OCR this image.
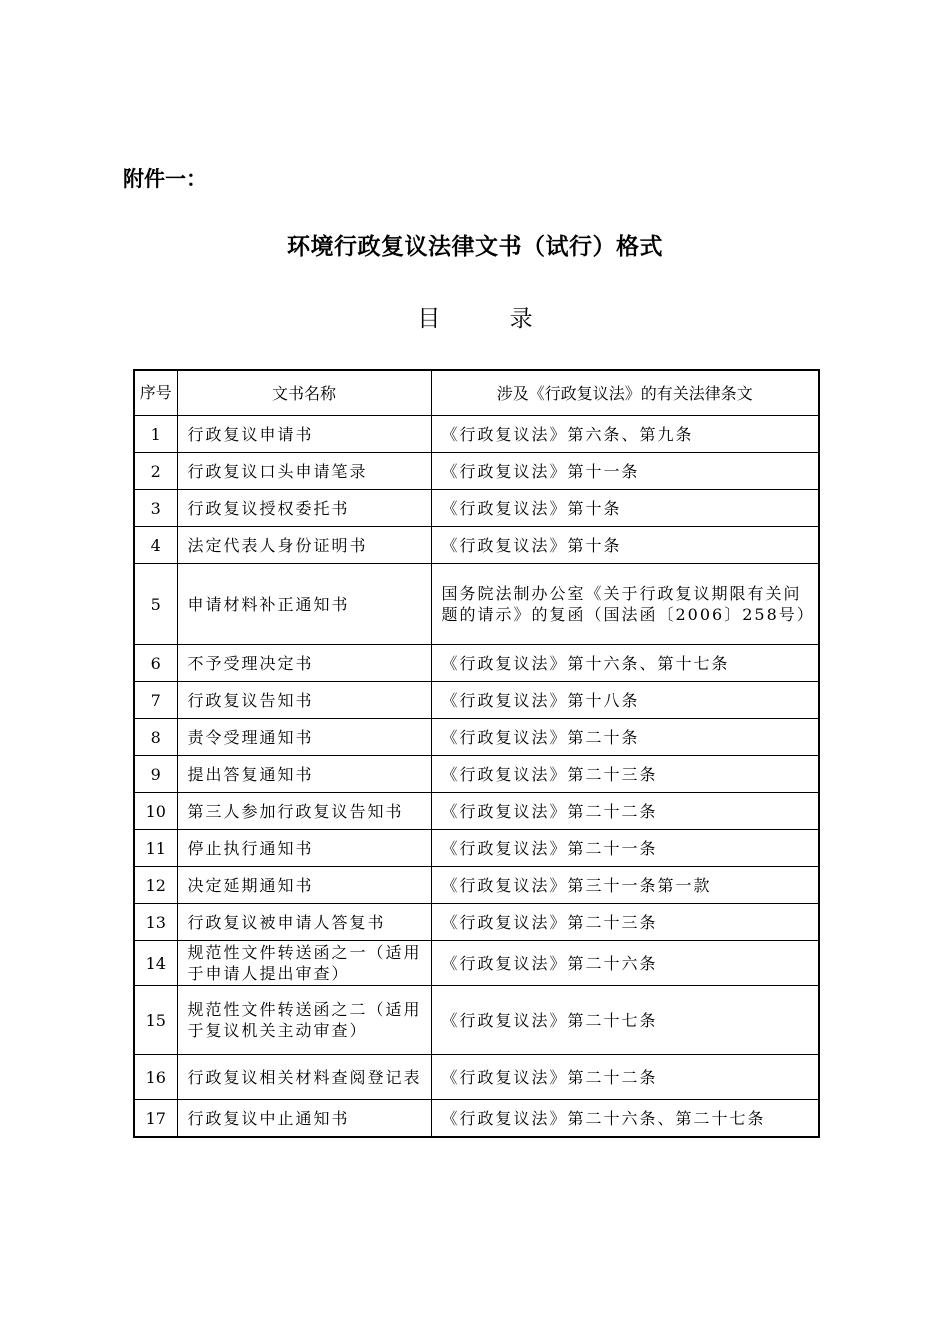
附件一：
环境行政复议法律文书（试行）格式
目 录
序号	文书名称	涉及《行政复议法》的有关法律条文
1	行政复议申请书	《行政复议法》第六条、第九条
2	行政复议口头申请笔录	《行政复议法》第十一条
3	行政复议授权委托书	《行政复议法》第十条
4	法定代表人身份证明书	《行政复议法》第十条
5	申请材料补正通知书	国务院法制办公室《关于行政复议期限有关问题的请示》的复函（国法函〔2006〕258号）
6	不予受理决定书	《行政复议法》第十六条、第十七条
7	行政复议告知书	《行政复议法》第十八条
8	责令受理通知书	《行政复议法》第二十条
9	提出答复通知书	《行政复议法》第二十三条
10	第三人参加行政复议告知书	《行政复议法》第二十二条
11	停止执行通知书	《行政复议法》第二十一条
12	决定延期通知书	《行政复议法》第三十一条第一款
13	行政复议被申请人答复书	《行政复议法》第二十三条
14	规范性文件转送函之一（适用于申请人提出审查）	《行政复议法》第二十六条
15	规范性文件转送函之二（适用于复议机关主动审查）	《行政复议法》第二十七条
16	行政复议相关材料查阅登记表	《行政复议法》第二十二条
17	行政复议中止通知书	《行政复议法》第二十六条、第二十七条
